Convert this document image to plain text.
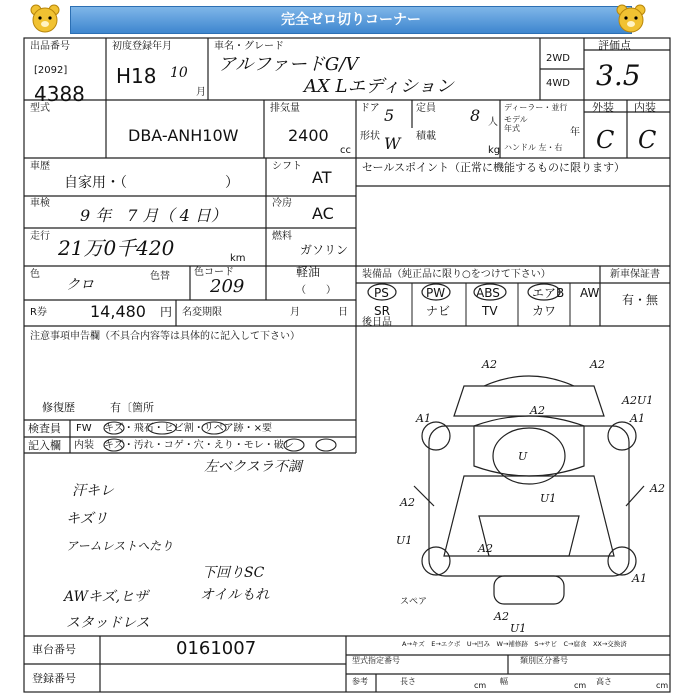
完全ゼロ切りコーナー
出品番号
[2092]
4388
初度登録年月
H18 10
月
車名・グレード
アルファードG/V
AX Lエディション
2WD
4WD
評価点
3.5
型式
DBA-ANH10W
排気量
2400
cc
ドア 5 定員 8 人
形状 W 積載
kg
ディーラー・並行
モデル
年式	年
ハンドル 左・右
外装 内装
C C
車歴
自家用・（　　　　　　　）
シフト
AT
車検
9 年　7 月（ 4 日）
冷房
AC
走行 21万0千420	km
燃料
ガソリン
軽油
（　　）
色
クロ
色替 色コード
209
R券	14,480 円 名変期限	月	日
セールスポイント（正常に機能するものに限ります）
装備品（純正品に限り○をつけて下さい）
PS	PW	ABS	エアB AW
SR	ナビ	TV	カワ
新車保証書
有・無
後日品
注意事項申告欄（不具合内容等は具体的に記入して下さい）
修復歴	有〔箇所
検査員 FW キズ・飛石・ヒビ割・リペア跡・×要
記入欄 内装 キズ・汚れ・コゲ・穴・えり・モレ・破レ
左ベクスラ不調
汗キレ
キズリ
アームレストへたり
下回りSC
オイルもれ
AWキズ,ヒザ
スタッドレス
A2	A2
A2
A2U1
A1	A1
A2
U
U1
A2
U1
A2
A1
A2
U1
スペア
A→キズ　E→エクボ　U→凹み　W→補修跡　S→サビ　C→腐食　XX→交換済
車台番号	0161007
登録番号
型式指定番号	類別区分番号
参考	長さ	cm 幅	cm 高さ	cm
